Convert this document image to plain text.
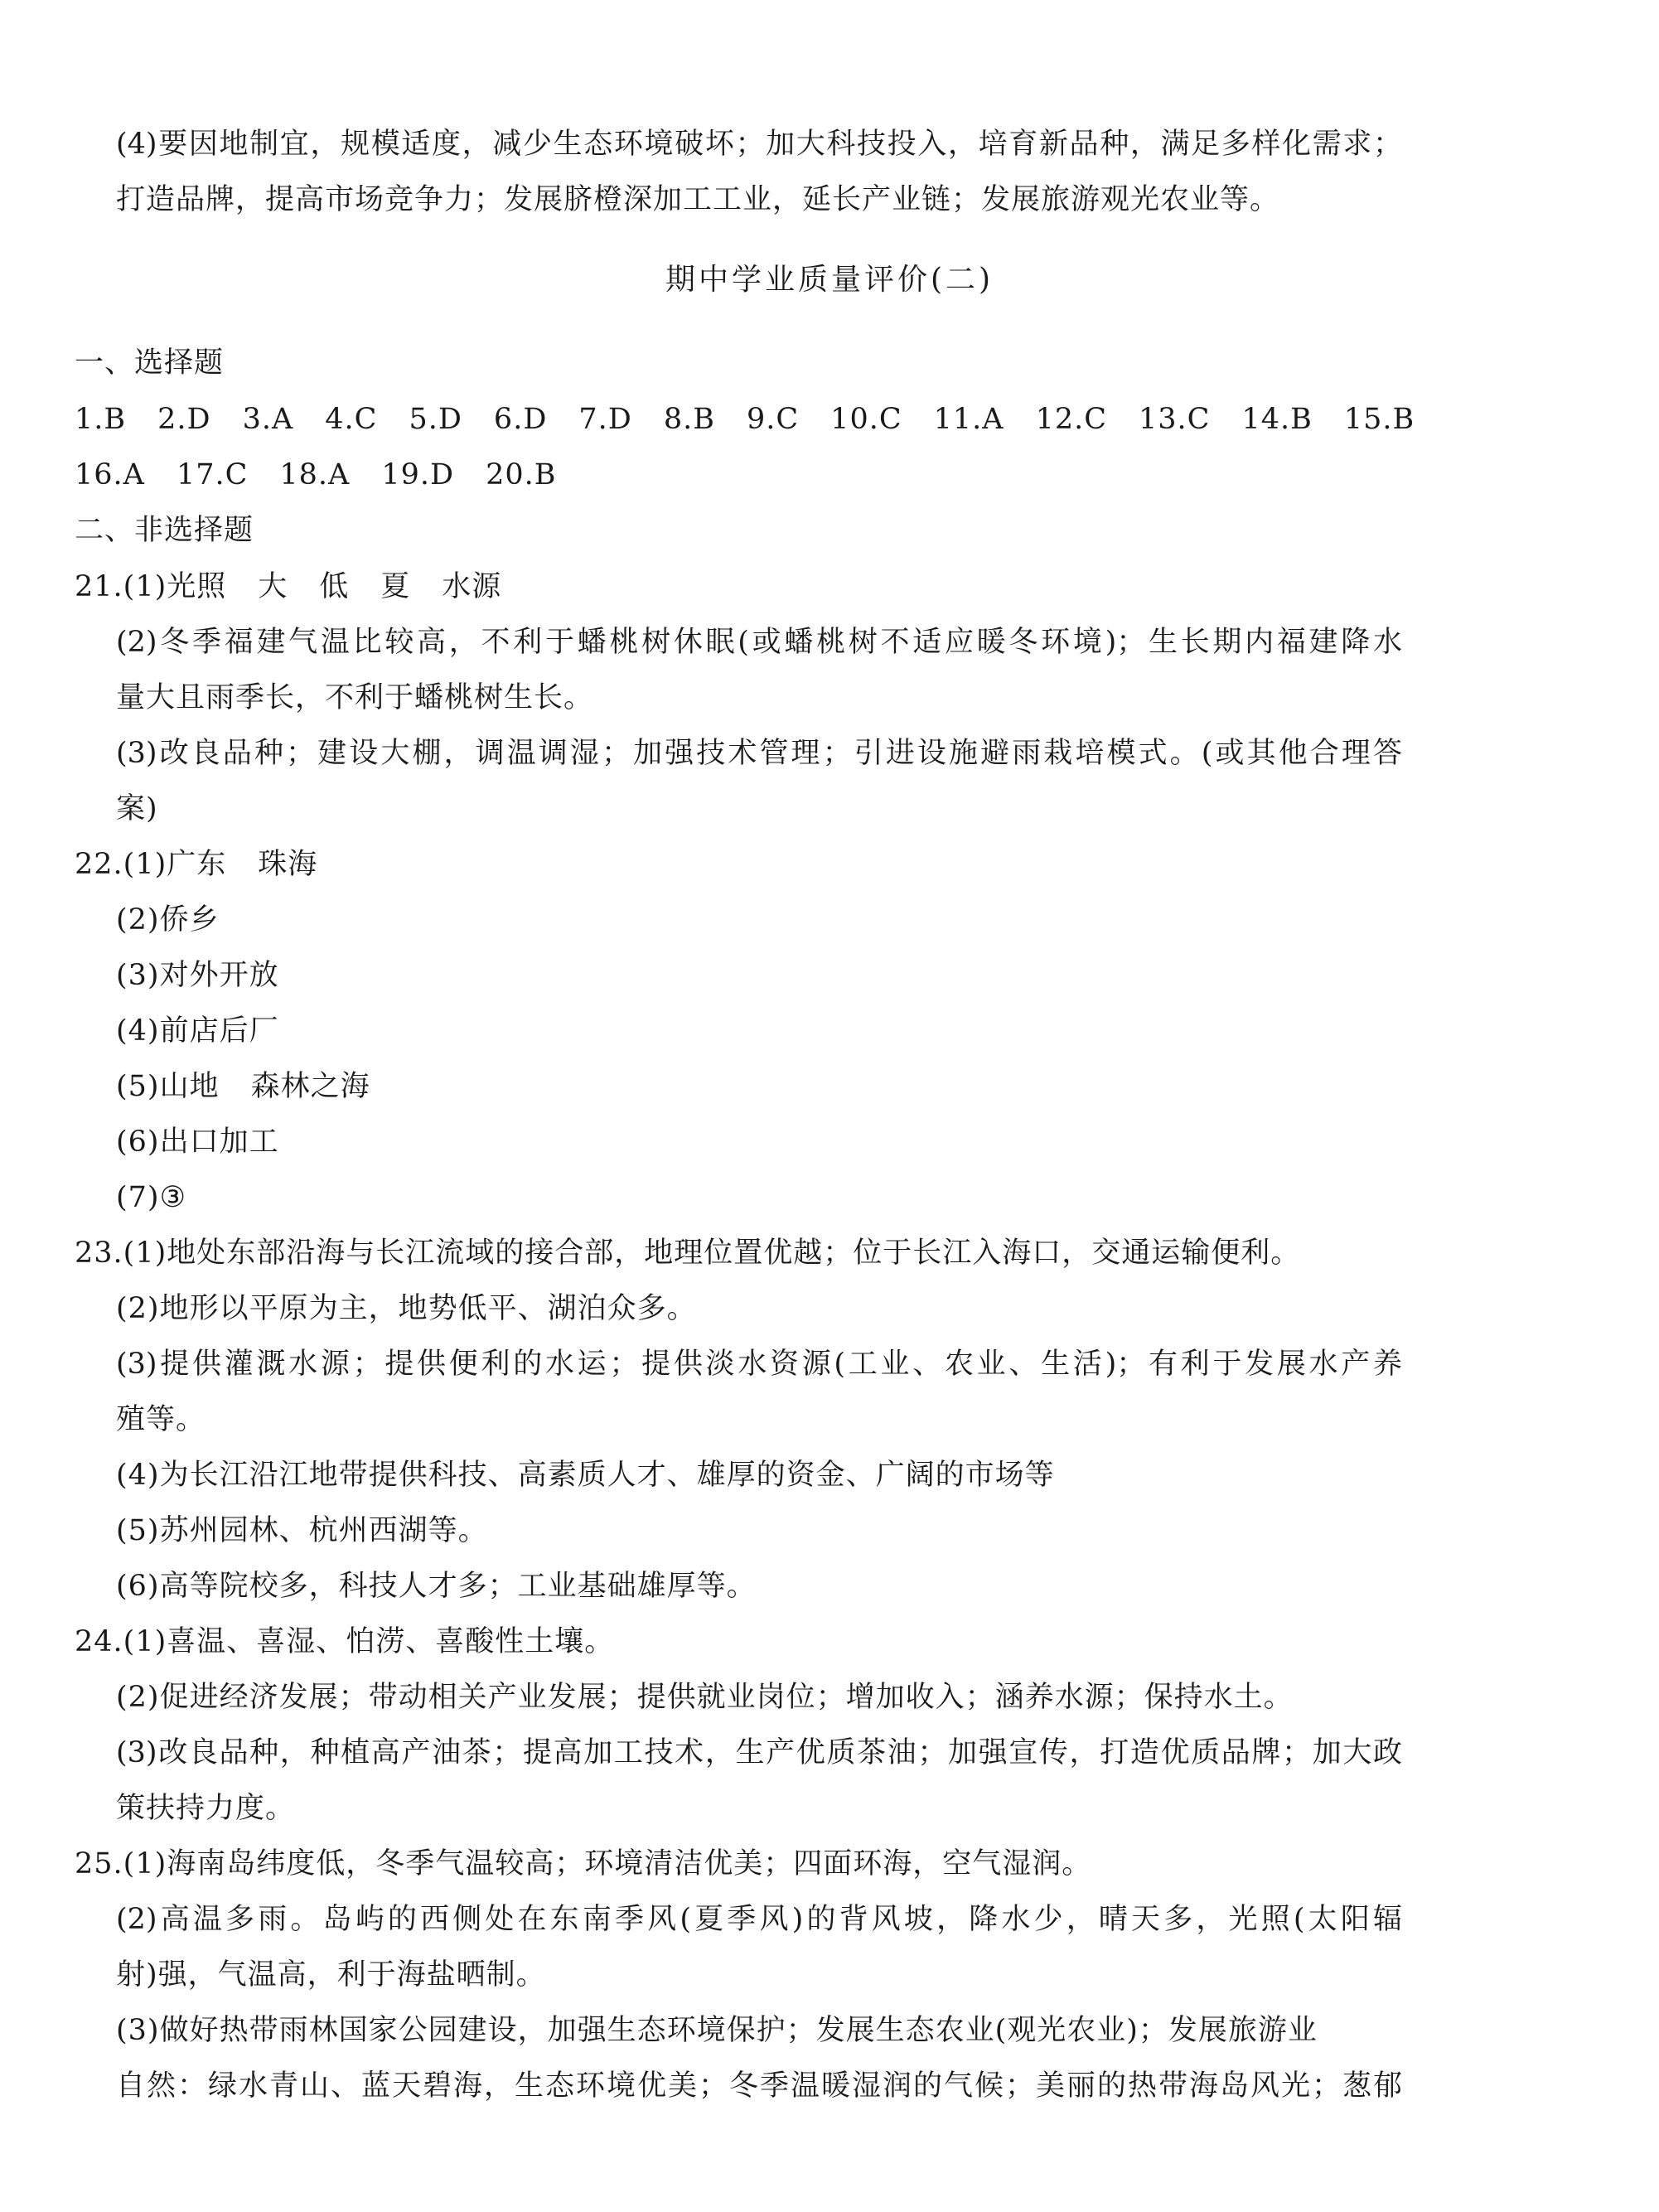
(4)要因地制宜，规模适度，减少生态环境破坏；加大科技投入，培育新品种，满足多样化需求；
打造品牌，提高市场竞争力；发展脐橙深加工工业，延长产业链；发展旅游观光农业等。
期中学业质量评价(二)
一、选择题
1.B 2.D 3.A 4.C 5.D 6.D 7.D 8.B 9.C 10.C 11.A 12.C 13.C 14.B 15.B
16.A 17.C 18.A 19.D 20.B
二、非选择题
21.(1)光照 大 低 夏 水源
(2)冬季福建气温比较高，不利于蟠桃树休眠(或蟠桃树不适应暖冬环境)；生长期内福建降水
量大且雨季长，不利于蟠桃树生长。
(3)改良品种；建设大棚，调温调湿；加强技术管理；引进设施避雨栽培模式。(或其他合理答
案)
22.(1)广东 珠海
(2)侨乡
(3)对外开放
(4)前店后厂
(5)山地 森林之海
(6)出口加工
(7)③
23.(1)地处东部沿海与长江流域的接合部，地理位置优越；位于长江入海口，交通运输便利。
(2)地形以平原为主，地势低平、湖泊众多。
(3)提供灌溉水源；提供便利的水运；提供淡水资源(工业、农业、生活)；有利于发展水产养
殖等。
(4)为长江沿江地带提供科技、高素质人才、雄厚的资金、广阔的市场等
(5)苏州园林、杭州西湖等。
(6)高等院校多，科技人才多；工业基础雄厚等。
24.(1)喜温、喜湿、怕涝、喜酸性土壤。
(2)促进经济发展；带动相关产业发展；提供就业岗位；增加收入；涵养水源；保持水土。
(3)改良品种，种植高产油茶；提高加工技术，生产优质茶油；加强宣传，打造优质品牌；加大政
策扶持力度。
25.(1)海南岛纬度低，冬季气温较高；环境清洁优美；四面环海，空气湿润。
(2)高温多雨。岛屿的西侧处在东南季风(夏季风)的背风坡，降水少，晴天多，光照(太阳辐
射)强，气温高，利于海盐晒制。
(3)做好热带雨林国家公园建设，加强生态环境保护；发展生态农业(观光农业)；发展旅游业
自然：绿水青山、蓝天碧海，生态环境优美；冬季温暖湿润的气候；美丽的热带海岛风光；葱郁
